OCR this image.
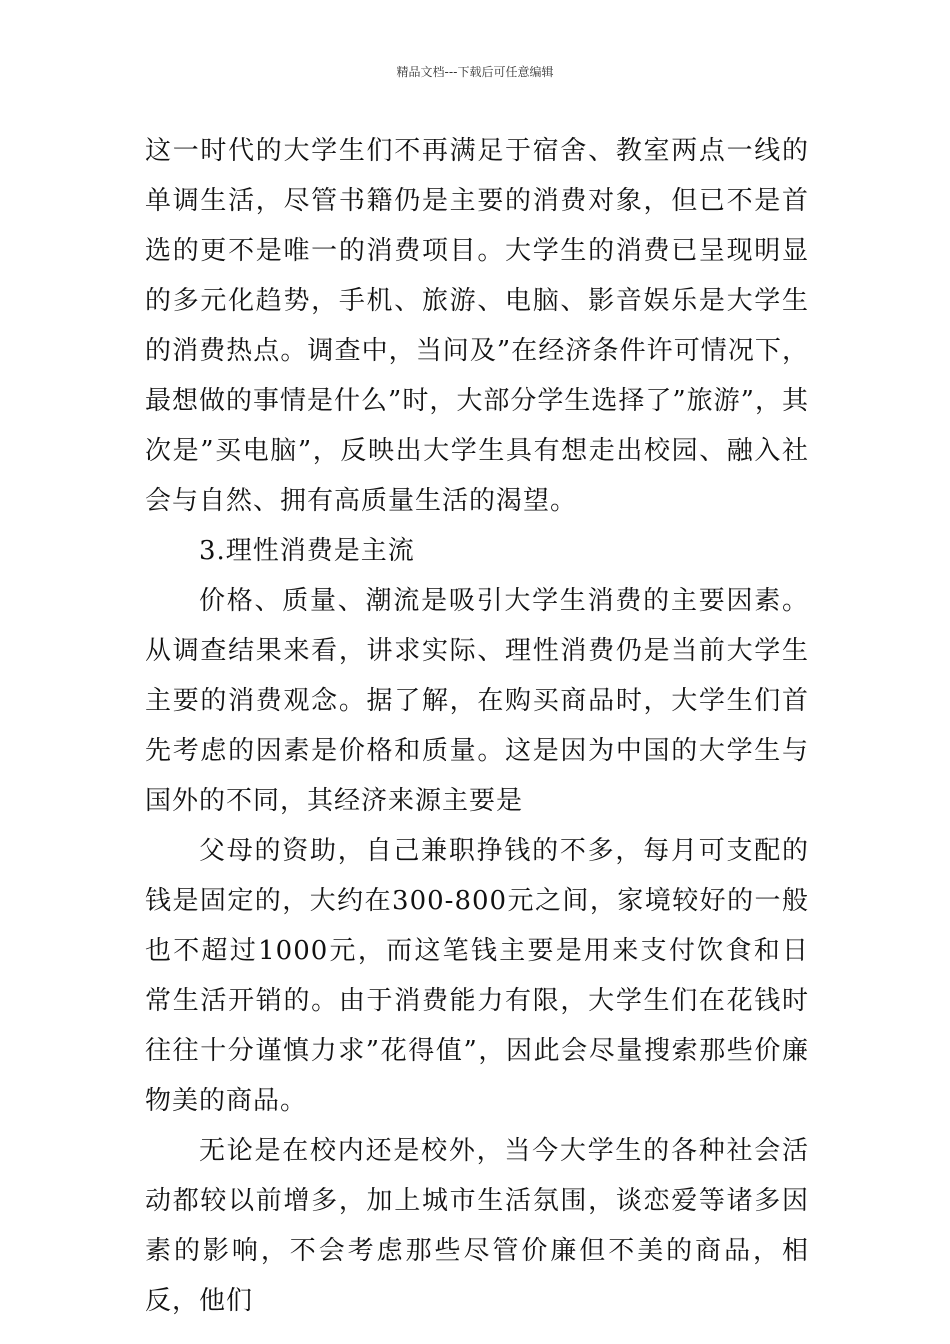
精品文档---下载后可任意编辑

这一时代的大学生们不再满足于宿舍、教室两点一线的单调生活，尽管书籍仍是主要的消费对象，但已不是首选的更不是唯一的消费项目。大学生的消费已呈现明显的多元化趋势，手机、旅游、电脑、影音娱乐是大学生的消费热点。调查中，当问及”在经济条件许可情况下，最想做的事情是什么”时，大部分学生选择了”旅游”，其次是”买电脑”，反映出大学生具有想走出校园、融入社会与自然、拥有高质量生活的渴望。

3.理性消费是主流

价格、质量、潮流是吸引大学生消费的主要因素。从调查结果来看，讲求实际、理性消费仍是当前大学生主要的消费观念。据了解，在购买商品时，大学生们首先考虑的因素是价格和质量。这是因为中国的大学生与国外的不同，其经济来源主要是

父母的资助，自己兼职挣钱的不多，每月可支配的钱是固定的，大约在300-800元之间，家境较好的一般也不超过1000元，而这笔钱主要是用来支付饮食和日常生活开销的。由于消费能力有限，大学生们在花钱时往往十分谨慎力求”花得值”，因此会尽量搜索那些价廉物美的商品。

无论是在校内还是校外，当今大学生的各种社会活动都较以前增多，加上城市生活氛围，谈恋爱等诸多因素的影响，不会考虑那些尽管价廉但不美的商品，相反，他们
